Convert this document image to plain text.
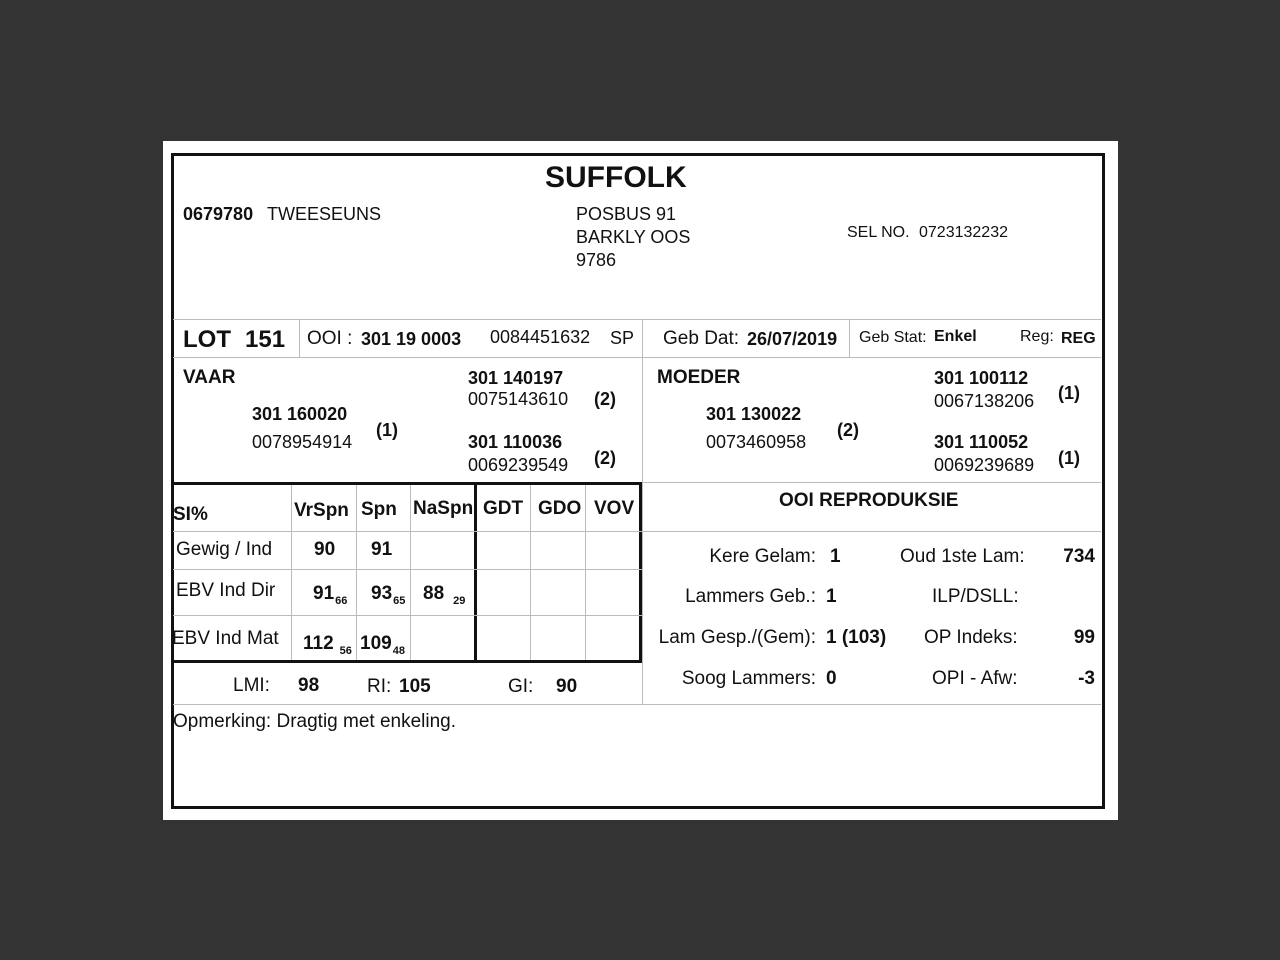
SUFFOLK
0679780 TWEESEUNS	POSBUS 91
BARKLY OOS
9786
SEL NO. 0723132232
LOT 151 OOI : 301 19 0003 0084451632 SP Geb Dat: 26/07/2019 Geb Stat: Enkel	Reg: REG
VAAR
301 160020
0078954914
(1)
301 140197
0075143610 (2)
301 110036
0069239549 (2)
MOEDER
301 130022
0073460958
(2)
301 100112
0067138206 (1)
301 110052
0069239689 (1)
SI%	VrSpn Spn NaSpn GDT GDO VOV
Gewig / Ind 90 91
EBV Ind Dir $91_{66}$ $93_{65}$ 88 $_{29}$
EBV Ind Mat 112 $_{56}$ $109_{48}$
LMI: 98	RI: 105	GI: 90
OOI REPRODUKSIE
Kere Gelam: 1
Lammers Geb.: 1
Lam Gesp./(Gem): 1 (103)
Soog Lammers: 0
Oud 1ste Lam:	734
ILP/DSLL:
OP Indeks:	99
OPI - Afw:	-3
Opmerking: Dragtig met enkeling.
